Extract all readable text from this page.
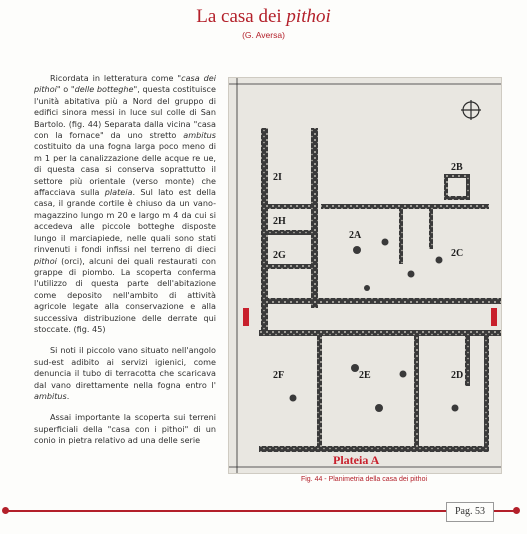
La casa dei pithoi
(G. Aversa)

Ricordata in letteratura come "casa dei pithoi" o "delle botteghe", questa costituisce l'unità abitativa più a Nord del gruppo di edifici sinora messi in luce sul colle di San Bartolo. (fig. 44) Separata dalla vicina "casa con la fornace" da uno stretto ambitus costituito da una fogna larga poco meno di m 1 per la canalizzazione delle acque re ue, di questa casa si conserva soprattutto il settore più orientale (verso monte) che affacciava sulla plateia. Sul lato est della casa, il grande cortile è chiuso da un vano-magazzino lungo m 20 e largo m 4 da cui si accedeva alle piccole botteghe disposte lungo il marciapiede, nelle quali sono stati rinvenuti i fondi infissi nel terreno di dieci pithoi (orci), alcuni dei quali restaurati con grappe di piombo. La scoperta conferma l'utilizzo di questa parte dell'abitazione come deposito nell'ambito di attività agricole legate alla conservazione e alla successiva distribuzione delle derrate qui stoccate. (fig. 45)

Si noti il piccolo vano situato nell'angolo sud-est adibito ai servizi igienici, come denuncia il tubo di terracotta che scaricava dal vano direttamente nella fogna entro l' ambitus.

Assai importante la scoperta sui terreni superficiali della "casa con i pithoi" di un conio in pietra relativo ad una delle serie

2I
2H
2G
2A
2B
2C
2F	2E	2D
Plateia A
Fig. 44 - Planimetria della casa dei pithoi
Pag. 53
